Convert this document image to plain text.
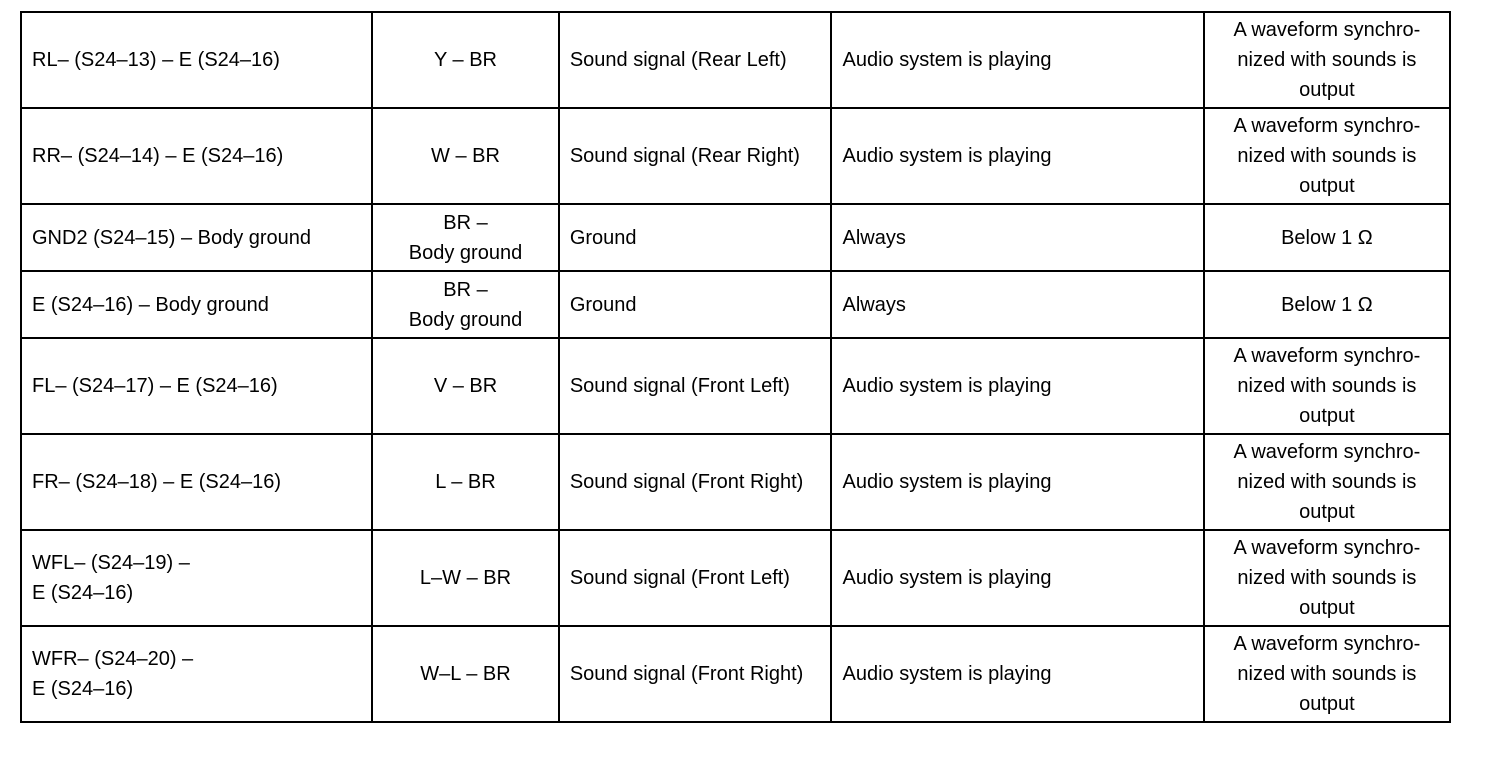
RL– (S24–13) – E (S24–16)	Y – BR	Sound signal (Rear Left)	Audio system is playing	A waveform synchro-
nized with sounds is
output

RR– (S24–14) – E (S24–16)	W – BR	Sound signal (Rear Right)	Audio system is playing	A waveform synchro-
nized with sounds is
output

GND2 (S24–15) – Body ground	BR –
Body ground	Ground	Always	Below 1 Ω

E (S24–16) – Body ground	BR –
Body ground	Ground	Always	Below 1 Ω

FL– (S24–17) – E (S24–16)	V – BR	Sound signal (Front Left)	Audio system is playing	A waveform synchro-
nized with sounds is
output

FR– (S24–18) – E (S24–16)	L – BR	Sound signal (Front Right)	Audio system is playing	A waveform synchro-
nized with sounds is
output

WFL– (S24–19) –
E (S24–16)	L–W – BR	Sound signal (Front Left)	Audio system is playing	A waveform synchro-
nized with sounds is
output

WFR– (S24–20) –
E (S24–16)	W–L – BR	Sound signal (Front Right)	Audio system is playing	A waveform synchro-
nized with sounds is
output
